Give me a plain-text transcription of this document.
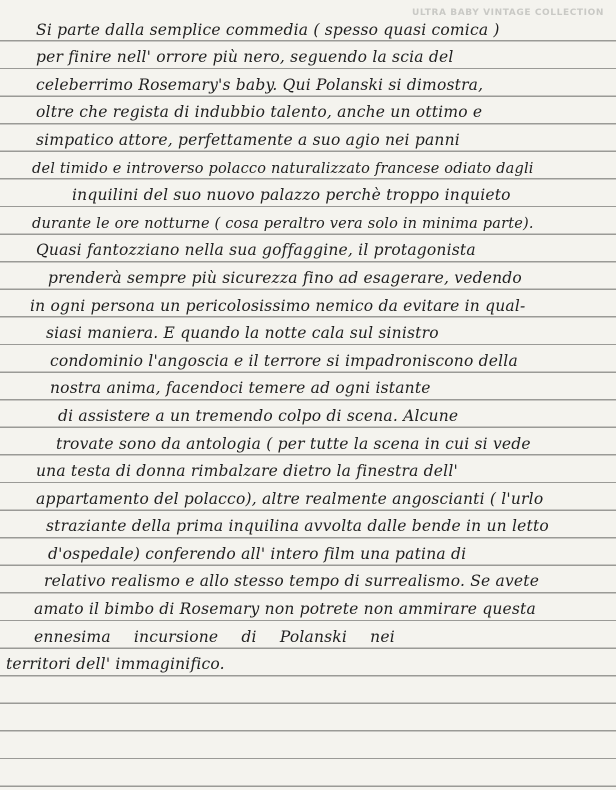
ULTRA BABY VINTAGE COLLECTION
Si parte dalla semplice commedia ( spesso quasi comica )
per finire nell' orrore più nero, seguendo la scia del
celeberrimo Rosemary's baby. Qui Polanski si dimostra,
oltre che regista di indubbio talento, anche un ottimo e
simpatico attore, perfettamente a suo agio nei panni
del timido e introverso polacco naturalizzato francese odiato dagli
inquilini del suo nuovo palazzo perchè troppo inquieto
durante le ore notturne ( cosa peraltro vera solo in minima parte).
Quasi fantozziano nella sua goffaggine, il protagonista
prenderà sempre più sicurezza fino ad esagerare, vedendo
in ogni persona un pericolosissimo nemico da evitare in qual-
siasi maniera. E quando la notte cala sul sinistro
condominio l'angoscia e il terrore si impadroniscono della
nostra anima, facendoci temere ad ogni istante
di assistere a un tremendo colpo di scena. Alcune
trovate sono da antologia ( per tutte la scena in cui si vede
una testa di donna rimbalzare dietro la finestra dell'
appartamento del polacco), altre realmente angoscianti ( l'urlo
straziante della prima inquilina avvolta dalle bende in un letto
d'ospedale) conferendo all' intero film una patina di
relativo realismo e allo stesso tempo di surrealismo. Se avete
amato il bimbo di Rosemary non potrete non ammirare questa
ennesima incursione di Polanski nei
territori dell' immaginifico.
